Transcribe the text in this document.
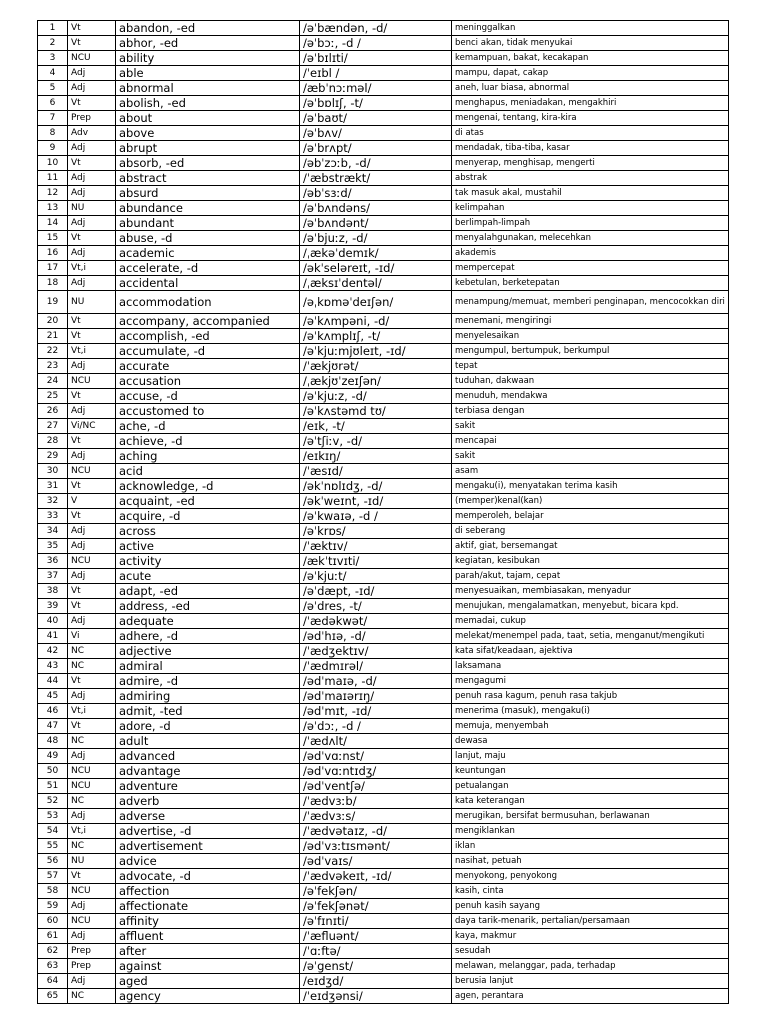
1	Vt	abandon, -ed	/əˈbændən, -d/	meninggalkan
2	Vt	abhor, -ed	/əˈbɔː, -d /	benci akan, tidak menyukai
3	NCU	ability	/əˈbɪlɪti/	kemampuan, bakat, kecakapan
4	Adj	able	/ˈeɪbl /	mampu, dapat, cakap
5	Adj	abnormal	/æbˈnɔːməl/	aneh, luar biasa, abnormal
6	Vt	abolish, -ed	/əˈbɒlɪʃ, -t/	menghapus, meniadakan, mengakhiri
7	Prep	about	/əˈbaʊt/	mengenai, tentang, kira-kira
8	Adv	above	/əˈbʌv/	di atas
9	Adj	abrupt	/əˈbrʌpt/	mendadak, tiba-tiba, kasar
10	Vt	absorb, -ed	/əbˈzɔːb, -d/	menyerap, menghisap, mengerti
11	Adj	abstract	/ˈæbstrækt/	abstrak
12	Adj	absurd	/əbˈsɜːd/	tak masuk akal, mustahil
13	NU	abundance	/əˈbʌndəns/	kelimpahan
14	Adj	abundant	/əˈbʌndənt/	berlimpah-limpah
15	Vt	abuse, -d	/əˈbjuːz, -d/	menyalahgunakan, melecehkan
16	Adj	academic	/ˌækəˈdemɪk/	akademis
17	Vt,i	accelerate, -d	/əkˈseləreɪt, -ɪd/	mempercepat
18	Adj	accidental	/ˌæksɪˈdentəl/	kebetulan, berketepatan
19	NU	accommodation	/əˌkɒməˈdeɪʃən/	menampung/memuat, memberi penginapan, mencocokkan diri
20	Vt	accompany, accompanied	/əˈkʌmpəni, -d/	menemani, mengiringi
21	Vt	accomplish, -ed	/əˈkʌmplɪʃ, -t/	menyelesaikan
22	Vt,i	accumulate, -d	/əˈkjuːmjʊleɪt, -ɪd/	mengumpul, bertumpuk, berkumpul
23	Adj	accurate	/ˈækjʊrət/	tepat
24	NCU	accusation	/ˌækjʊˈzeɪʃən/	tuduhan, dakwaan
25	Vt	accuse, -d	/əˈkjuːz, -d/	menuduh, mendakwa
26	Adj	accustomed to	/əˈkʌstəmd tʊ/	terbiasa dengan
27	Vi/NC	ache, -d	/eɪk, -t/	sakit
28	Vt	achieve, -d	/əˈtʃiːv, -d/	mencapai
29	Adj	aching	/eɪkɪŋ/	sakit
30	NCU	acid	/ˈæsɪd/	asam
31	Vt	acknowledge, -d	/əkˈnɒlɪdʒ, -d/	mengaku(i), menyatakan terima kasih
32	V	acquaint, -ed	/əkˈweɪnt, -ɪd/	(memper)kenal(kan)
33	Vt	acquire, -d	/əˈkwaɪə, -d /	memperoleh, belajar
34	Adj	across	/əˈkrɒs/	di seberang
35	Adj	active	/ˈæktɪv/	aktif, giat, bersemangat
36	NCU	activity	/ækˈtɪvɪti/	kegiatan, kesibukan
37	Adj	acute	/əˈkjuːt/	parah/akut, tajam, cepat
38	Vt	adapt, -ed	/əˈdæpt, -ɪd/	menyesuaikan, membiasakan, menyadur
39	Vt	address, -ed	/əˈdres, -t/	menujukan, mengalamatkan, menyebut, bicara kpd.
40	Adj	adequate	/ˈædəkwət/	memadai, cukup
41	Vi	adhere, -d	/ədˈhɪə, -d/	melekat/menempel pada, taat, setia, menganut/mengikuti
42	NC	adjective	/ˈædʒektɪv/	kata sifat/keadaan, ajektiva
43	NC	admiral	/ˈædmɪrəl/	laksamana
44	Vt	admire, -d	/ədˈmaɪə, -d/	mengagumi
45	Adj	admiring	/ədˈmaɪərɪŋ/	penuh rasa kagum, penuh rasa takjub
46	Vt,i	admit, -ted	/ədˈmɪt, -ɪd/	menerima (masuk), mengaku(i)
47	Vt	adore, -d	/əˈdɔː, -d /	memuja, menyembah
48	NC	adult	/ˈædʌlt/	dewasa
49	Adj	advanced	/ədˈvɑːnst/	lanjut, maju
50	NCU	advantage	/ədˈvɑːntɪdʒ/	keuntungan
51	NCU	adventure	/ədˈventʃə/	petualangan
52	NC	adverb	/ˈædvɜːb/	kata keterangan
53	Adj	adverse	/ˈædvɜːs/	merugikan, bersifat bermusuhan, berlawanan
54	Vt,i	advertise, -d	/ˈædvətaɪz, -d/	mengiklankan
55	NC	advertisement	/ədˈvɜːtɪsmənt/	iklan
56	NU	advice	/ədˈvaɪs/	nasihat, petuah
57	Vt	advocate, -d	/ˈædvəkeɪt, -ɪd/	menyokong, penyokong
58	NCU	affection	/əˈfekʃən/	kasih, cinta
59	Adj	affectionate	/əˈfekʃənət/	penuh kasih sayang
60	NCU	affinity	/əˈfɪnɪti/	daya tarik-menarik, pertalian/persamaan
61	Adj	affluent	/ˈæfluənt/	kaya, makmur
62	Prep	after	/ˈɑːftə/	sesudah
63	Prep	against	/əˈgenst/	melawan, melanggar, pada, terhadap
64	Adj	aged	/eɪdʒd/	berusia lanjut
65	NC	agency	/ˈeɪdʒənsi/	agen, perantara
